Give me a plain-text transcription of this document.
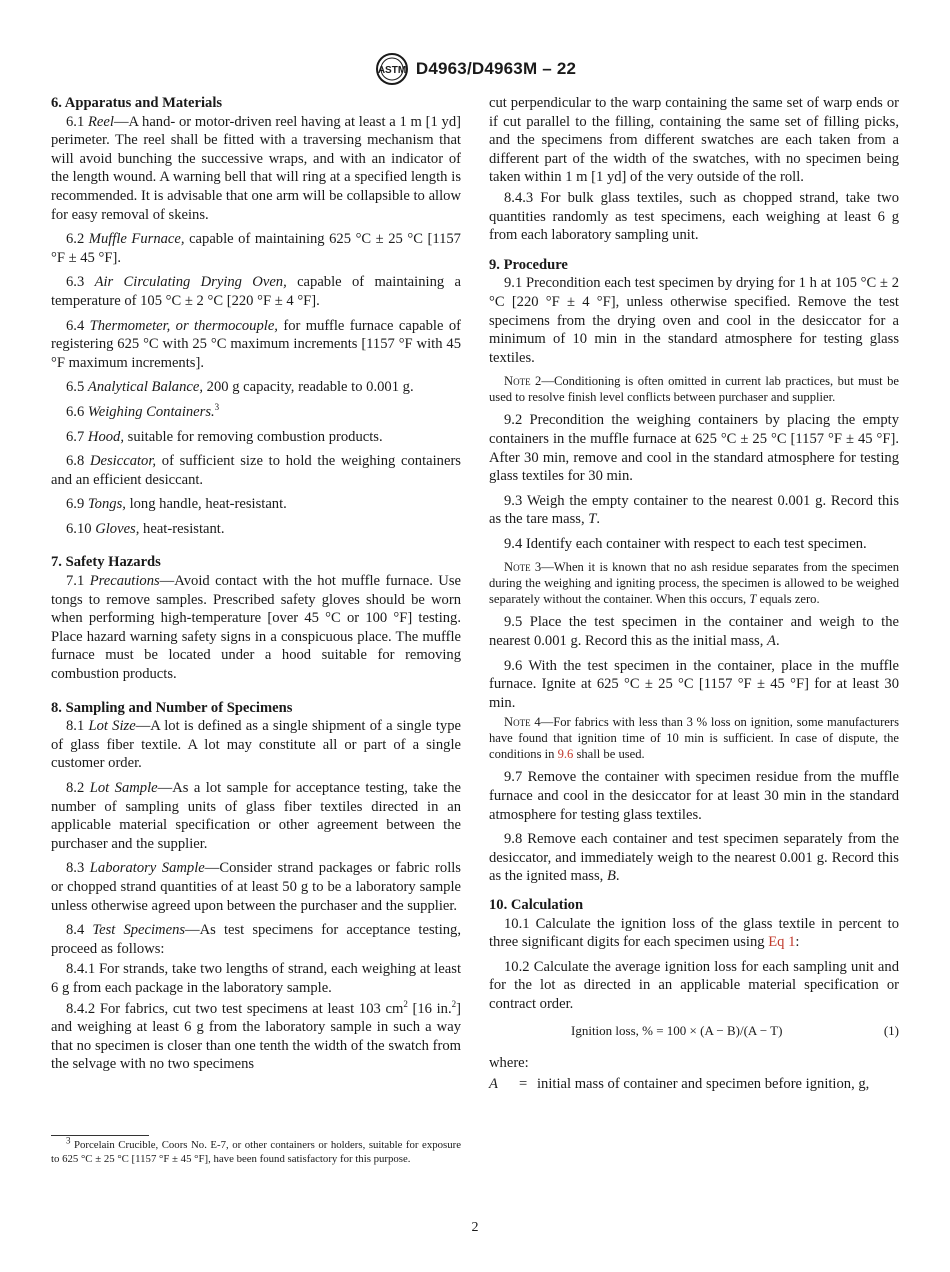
ASTM D4963/D4963M – 22

6. Apparatus and Materials

6.1 Reel—A hand- or motor-driven reel having at least a 1 m [1 yd] perimeter. The reel shall be fitted with a traversing mechanism that will avoid bunching the successive wraps, and with an indicator of the length wound. A warning bell that will ring at a specified length is recommended. It is advisable that one arm will be collapsible to allow for easy removal of skeins.

6.2 Muffle Furnace, capable of maintaining 625 °C ± 25 °C [1157 °F ± 45 °F].

6.3 Air Circulating Drying Oven, capable of maintaining a temperature of 105 °C ± 2 °C [220 °F ± 4 °F].

6.4 Thermometer, or thermocouple, for muffle furnace capable of registering 625 °C with 25 °C maximum increments [1157 °F with 45 °F maximum increments].

6.5 Analytical Balance, 200 g capacity, readable to 0.001 g.

6.6 Weighing Containers.$^3$

6.7 Hood, suitable for removing combustion products.

6.8 Desiccator, of sufficient size to hold the weighing containers and an efficient desiccant.

6.9 Tongs, long handle, heat-resistant.

6.10 Gloves, heat-resistant.

7. Safety Hazards

7.1 Precautions—Avoid contact with the hot muffle furnace. Use tongs to remove samples. Prescribed safety gloves should be worn when performing high-temperature [over 45 °C or 100 °F] testing. Place hazard warning safety signs in a conspicuous place. The muffle furnace must be located under a hood suitable for removing combustion products.

8. Sampling and Number of Specimens

8.1 Lot Size—A lot is defined as a single shipment of a single type of glass fiber textile. A lot may constitute all or part of a single customer order.

8.2 Lot Sample—As a lot sample for acceptance testing, take the number of sampling units of glass fiber textiles directed in an applicable material specification or other agreement between the purchaser and the supplier.

8.3 Laboratory Sample—Consider strand packages or fabric rolls or chopped strand quantities of at least 50 g to be a laboratory sample unless otherwise agreed upon between the purchaser and the supplier.

8.4 Test Specimens—As test specimens for acceptance testing, proceed as follows:

8.4.1 For strands, take two lengths of strand, each weighing at least 6 g from each package in the laboratory sample.

8.4.2 For fabrics, cut two test specimens at least 103 $cm^2$ [16 in.$^2$] and weighing at least 6 g from the laboratory sample in such a way that no specimen is closer than one tenth the width of the swatch from the selvage with no two specimens

cut perpendicular to the warp containing the same set of warp ends or if cut parallel to the filling, containing the same set of filling picks, and the specimens from different swatches are each taken from a different part of the width of the swatches, with no specimen being taken within 1 m [1 yd] of the very outside of the roll.

8.4.3 For bulk glass textiles, such as chopped strand, take two quantities randomly as test specimens, each weighing at least 6 g from each laboratory sampling unit.

9. Procedure

9.1 Precondition each test specimen by drying for 1 h at 105 °C ± 2 °C [220 °F ± 4 °F], unless otherwise specified. Remove the test specimens from the drying oven and cool in the desiccator for a minimum of 10 min in the standard atmosphere for testing glass textiles.

Note 2—Conditioning is often omitted in current lab practices, but must be used to resolve finish level conflicts between purchaser and supplier.

9.2 Precondition the weighing containers by placing the empty containers in the muffle furnace at 625 °C ± 25 °C [1157 °F ± 45 °F]. After 30 min, remove and cool in the standard atmosphere for testing glass textiles for 30 min.

9.3 Weigh the empty container to the nearest 0.001 g. Record this as the tare mass, T.

9.4 Identify each container with respect to each test specimen.

Note 3—When it is known that no ash residue separates from the specimen during the weighing and igniting process, the specimen is allowed to be weighed separately without the container. When this occurs, T equals zero.

9.5 Place the test specimen in the container and weigh to the nearest 0.001 g. Record this as the initial mass, A.

9.6 With the test specimen in the container, place in the muffle furnace. Ignite at 625 °C ± 25 °C [1157 °F ± 45 °F] for at least 30 min.

Note 4—For fabrics with less than 3 % loss on ignition, some manufacturers have found that ignition time of 10 min is sufficient. In case of dispute, the conditions in 9.6 shall be used.

9.7 Remove the container with specimen residue from the muffle furnace and cool in the desiccator for at least 30 min in the standard atmosphere for testing glass textiles.

9.8 Remove each container and test specimen separately from the desiccator, and immediately weigh to the nearest 0.001 g. Record this as the ignited mass, B.

10. Calculation

10.1 Calculate the ignition loss of the glass textile in percent to three significant digits for each specimen using Eq 1:

10.2 Calculate the average ignition loss for each sampling unit and for the lot as directed in an applicable material specification or contract order.

Ignition loss, % = 100 × (A − B)/(A − T)	(1)

where:

A	= initial mass of container and specimen before ignition, g,

$^3$ Porcelain Crucible, Coors No. E-7, or other containers or holders, suitable for exposure to 625 °C ± 25 °C [1157 °F ± 45 °F], have been found satisfactory for this purpose.

2
